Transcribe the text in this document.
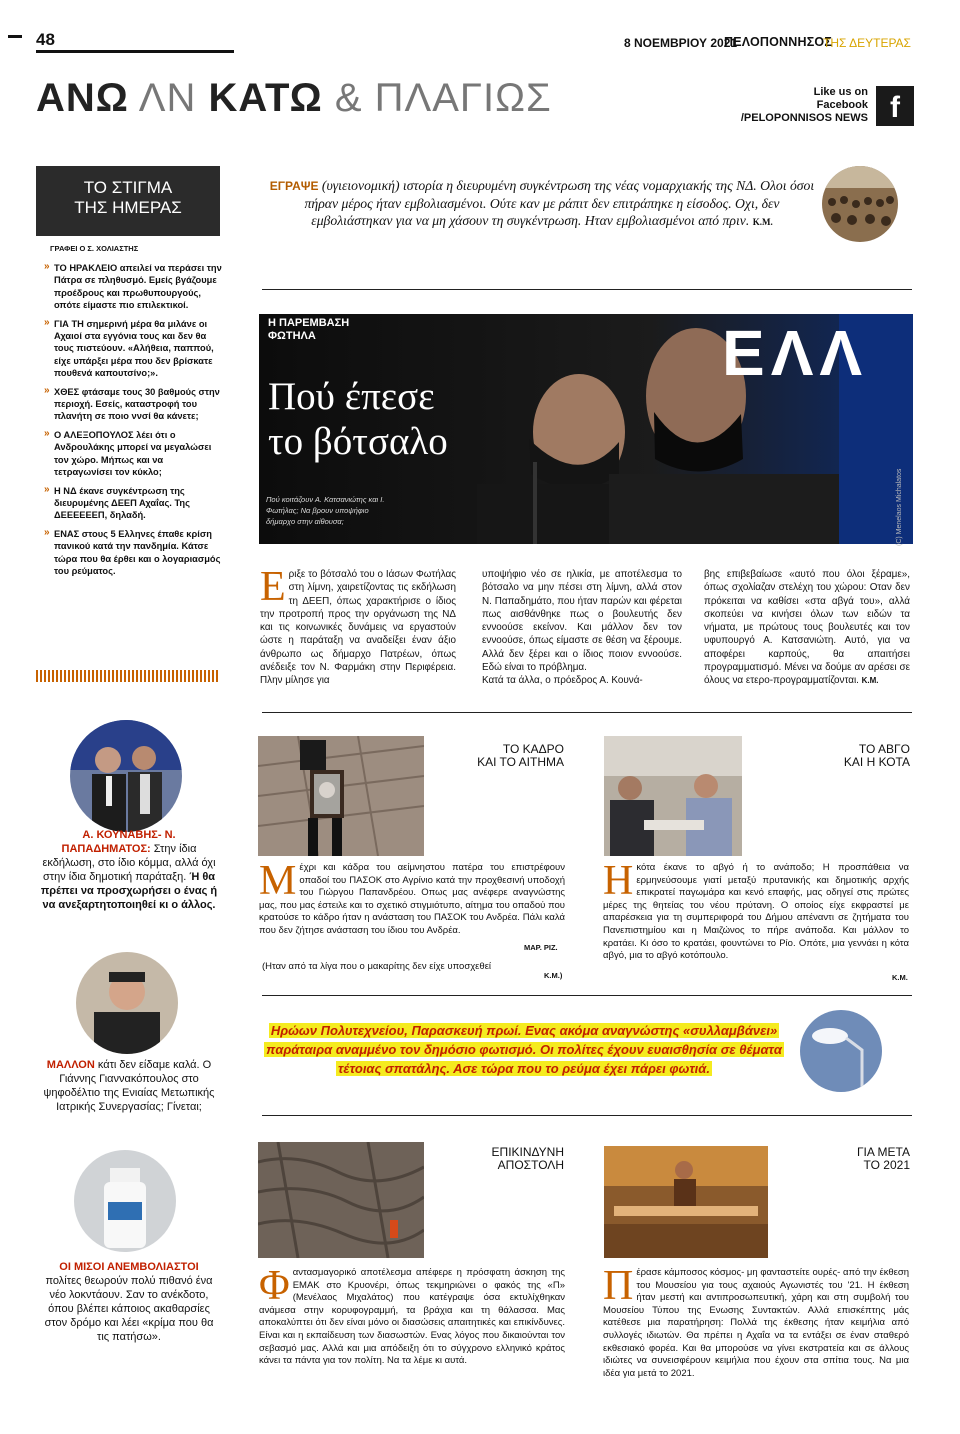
48	8 ΝΟΕΜΒΡΙΟΥ 2021
ΠΕΛΟΠΟΝΝΗΣΟΣ
ΤΗΣ ΔΕΥΤΕΡΑΣ
ΑΝΩ ΛΝ ΚΑΤΩ & ΠΛΑΓΙΩΣ	Like us on
Facebook
/PELOPONNISOS NEWS f
ΤΟ ΣΤΙΓΜΑ
ΤΗΣ ΗΜΕΡΑΣ
ΓΡΑΦΕΙ Ο Σ. ΧΟΛΙΑΣΤΗΣ
» ΤΟ ΗΡΑΚΛΕΙΟ απειλεί να περάσει την Πάτρα σε πληθυσμό. Εμείς βγάζουμε προέδρους και πρωθυπουργούς, οπότε είμαστε πιο επιλεκτικοί.
» ΓΙΑ ΤΗ σημερινή μέρα θα μιλάνε οι Αχαιοί στα εγγόνια τους και δεν θα τους πιστεύουν. «Αλήθεια, παππού, είχε υπάρξει μέρα που δεν βρίσκατε πουθενά καπουτσίνο;».
» ΧΘΕΣ φτάσαμε τους 30 βαθμούς στην περιοχή. Εσείς, καταστροφή του πλανήτη σε ποιο ννσί θα κάνετε;
» Ο ΑΛΕΞΟΠΟΥΛΟΣ λέει ότι ο Ανδρουλάκης μπορεί να μεγαλώσει τον χώρο. Μήπως και να τετραγωνίσει τον κύκλο;
» Η ΝΔ έκανε συγκέντρωση της διευρυμένης ΔΕΕΠ Αχαΐας. Της ΔΕΕΕΕΕΕΠ, δηλαδή.
» ΕΝΑΣ στους 5 Ελληνες έπαθε κρίση πανικού κατά την πανδημία. Κάτσε τώρα που θα έρθει και ο λογαριασμός του ρεύματος.
Α. ΚΟΥΝΑΒΗΣ- Ν. ΠΑΠΑΔΗΜΑΤΟΣ: Στην ίδια εκδήλωση, στο ίδιο κόμμα, αλλά όχι στην ίδια δημοτική παράταξη. Ή θα πρέπει να προσχωρήσει ο ένας ή να ανεξαρτητοποιηθεί κι ο άλλος.
ΜΑΛΛΟΝ κάτι δεν είδαμε καλά. Ο Γιάννης Γιαννακόπουλος στο ψηφοδέλτιο της Ενιαίας Μετωπικής Ιατρικής Συνεργασίας; Γίνεται;
ΟΙ ΜΙΣΟΙ ΑΝΕΜΒΟΛΙΑΣΤΟΙ πολίτες θεωρούν πολύ πιθανό ένα νέο λοκντάουν. Σαν το ανέκδοτο, όπου βλέπει κάποιος ακαθαρσίες στον δρόμο και λέει «κρίμα που θα τις πατήσω».
ΕΓΡΑΨΕ (υγιειονομική) ιστορία η διευρυμένη συγκέντρωση της νέας νομαρχιακής της ΝΔ. Ολοι όσοι πήραν μέρος ήταν εμβολιασμένοι. Ούτε καν με ράπιτ δεν επιτράπηκε η είσοδος. Οχι, δεν εμβολιάστηκαν για να μη χάσουν τη συγκέντρωση. Ηταν εμβολιασμένοι από πριν. Κ.Μ.
ΕΛΛ
Η ΠΑΡΕΜΒΑΣΗ
ΦΩΤΗΛΑ
Πού έπεσε
το βότσαλο
Πού κοιτάζουν Α. Κατσανιώτης και Ι. Φωτήλας; Να βρουν υποψήφιο δήμαρχο στην αίθουσα;	(C) Menelaos Michalatos
Ε ριξε το βότσαλό του ο Ιάσων Φωτήλας στη λίμνη, χαιρετίζοντας τις εκδήλωση τη ΔΕΕΠ, όπως χαρακτήρισε ο ίδιος την προτροπή προς την οργάνωση της ΝΔ και τις κοινωνικές δυνάμεις να εργαστούν ώστε η παράταξη να αναδείξει έναν άξιο άνθρωπο ως δήμαρχο Πατρέων, όπως ανέδειξε τον Ν. Φαρμάκη στην Περιφέρεια. Πλην μίλησε για
υποψήφιο νέο σε ηλικία, με αποτέλεσμα το βότσαλο να μην πέσει στη λίμνη, αλλά στον Ν. Παπαδημάτο, που ήταν παρών και φέρεται πως αισθάνθηκε πως ο βουλευτής δεν εννοούσε εκείνον. Και μάλλον δεν τον εννοούσε, όπως είμαστε σε θέση να ξέρουμε. Αλλά δεν ξέρει και ο ίδιος ποιον εννοούσε. Εδώ είναι το πρόβλημα.
Κατά τα άλλα, ο πρόεδρος Α. Κουνά-
βης επιβεβαίωσε «αυτό που όλοι ξέραμε», όπως σχολίαζαν στελέχη του χώρου: Οταν δεν πρόκειται να καθίσει «στα αβγά του», αλλά σκοπεύει να κινήσει όλων των ειδών τα νήματα, με πρώτους τους βουλευτές και τον υφυπουργό Α. Κατσανιώτη. Αυτό, για να αποφέρει καρπούς, θα απαιτήσει προγραμματισμό. Μένει να δούμε αν αρέσει σε όλους να ετερο-προγραμματίζονται. Κ.Μ.
ΤΟ ΚΑΔΡΟ
ΚΑΙ ΤΟ ΑΙΤΗΜΑ
Μ έχρι και κάδρα του αείμνηστου πατέρα του επιστρέφουν οπαδοί του ΠΑΣΟΚ στο Αγρίνιο κατά την προχθεσινή υποδοχή του Γιώργου Παπανδρέου. Οπως μας ανέφερε αναγνώστης μας, που μας έστειλε και το σχετικό στιγμιότυπο, αίτημα του οπαδού που κρατούσε το κάδρο ήταν η ανάσταση του ΠΑΣΟΚ του Ανδρέα. Πάλι καλά που δεν ζήτησε ανάσταση του ίδιου του Ανδρέα.
ΜΑΡ. ΡΙΖ.
(Ηταν από τα λίγα που ο μακαρίτης δεν είχε υποσχεθεί
Κ.Μ.)
ΤΟ ΑΒΓΟ
ΚΑΙ Η ΚΟΤΑ
Η κότα έκανε το αβγό ή το ανάποδο; Η προσπάθεια να ερμηνεύσουμε γιατί μεταξύ πρυτανικής και δημοτικής αρχής επικρατεί παγωμάρα και κενό επαφής, μας οδηγεί στις πρώτες μέρες της θητείας του νέου πρύτανη. Ο οποίος είχε εκφραστεί με απαρέσκεια για τη συμπεριφορά του Δήμου απέναντι σε ζητήματα του Πανεπιστημίου και η Μαιζώνος το πήρε ανάποδα. Και μάλλον το κρατάει. Κι όσο το κρατάει, φουντώνει το Ρίο. Οπότε, μια γεννάει η κότα αβγό, μια το αβγό κοτόπουλο.
Κ.Μ.
Ηρώων Πολυτεχνείου, Παρασκευή πρωί. Ενας ακόμα αναγνώστης «συλλαμβάνει»
παράταιρα αναμμένο τον δημόσιο φωτισμό. Οι πολίτες έχουν ευαισθησία σε θέματα
τέτοιας σπατάλης. Ασε τώρα που το ρεύμα έχει πάρει φωτιά.
ΕΠΙΚΙΝΔΥΝΗ
ΑΠΟΣΤΟΛΗ
Φ αντασμαγορικό αποτέλεσμα απέφερε η πρόσφατη άσκηση της ΕΜΑΚ στο Κρυονέρι, όπως τεκμηριώνει ο φακός της «Π» (Μενέλαος Μιχαλάτος) που κατέγραψε όσα εκτυλίχθηκαν ανάμεσα στην κορυφογραμμή, τα βράχια και τη θάλασσα. Μας αποκαλύπτει ότι δεν είναι μόνο οι διασώσεις απαιτητικές και επικίνδυνες. Είναι και η εκπαίδευση των διασωστών. Ενας λόγος που δικαιούνται τον σεβασμό μας. Αλλά και μια απόδειξη ότι το σύγχρονο ελληνικό κράτος κάνει τα πάντα για τον πολίτη. Να τα λέμε κι αυτά.
ΓΙΑ ΜΕΤΑ
ΤΟ 2021
Π έρασε κάμποσος κόσμος- μη φανταστείτε ουρές- από την έκθεση του Μουσείου για τους αχαιούς Αγωνιστές του '21. Η έκθεση ήταν μεστή και αντιπροσωπευτική, χάρη και στη συμβολή του Μουσείου Τύπου της Ενωσης Συντακτών. Αλλά επισκέπτης μάς κατέθεσε μια παρατήρηση: Πολλά της έκθεσης ήταν κειμήλια από συλλογές ιδιωτών. Θα πρέπει η Αχαΐα να τα εντάξει σε έναν σταθερό εκθεσιακό φορέα. Και θα μπορούσε να γίνει εκστρατεία και σε άλλους ιδιώτες να συνεισφέρουν κειμήλια που έχουν στα σπίτια τους. Να μια ιδέα για μετά το 2021.
